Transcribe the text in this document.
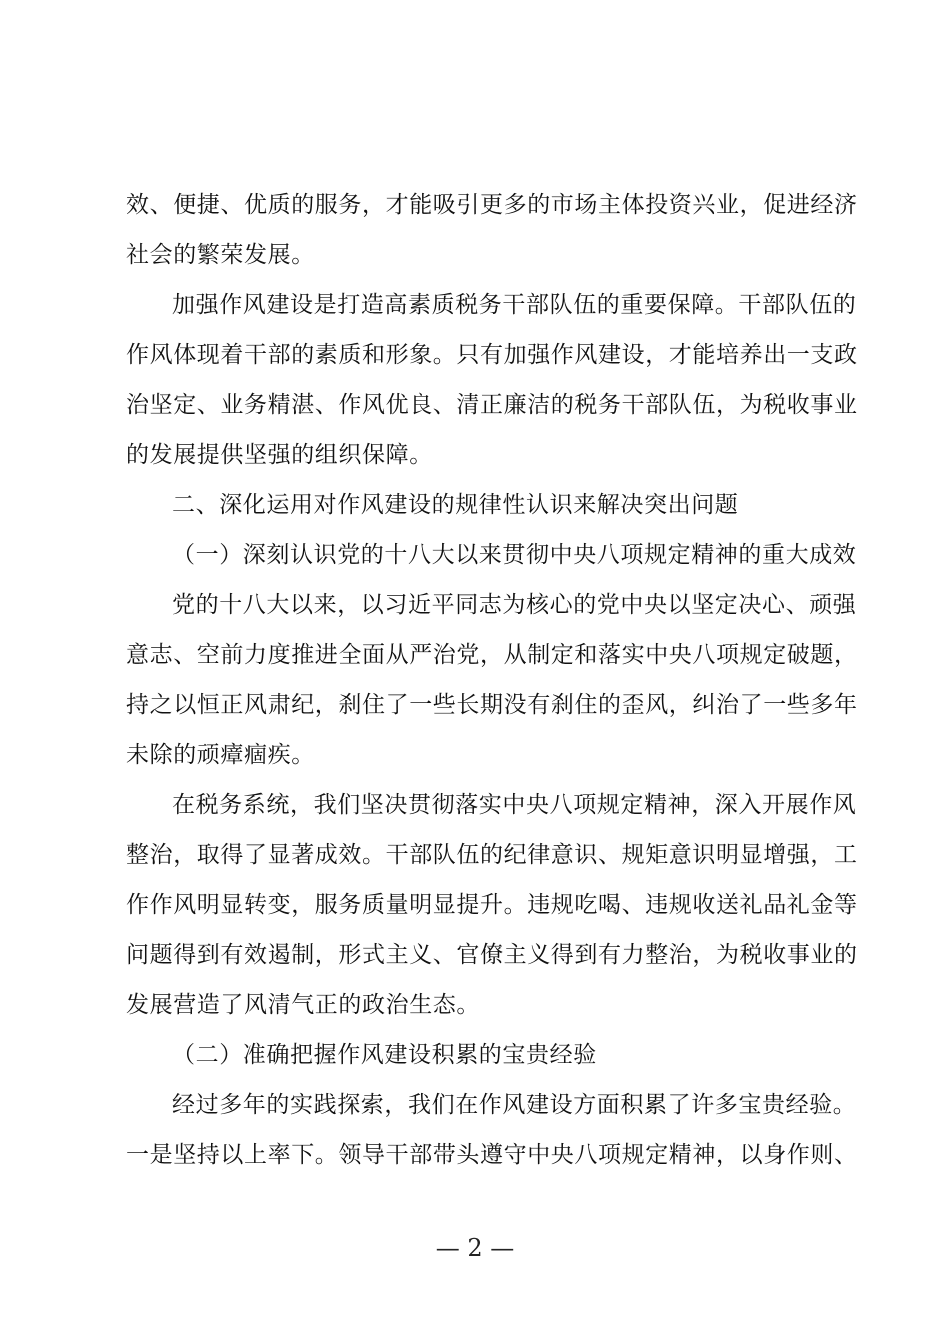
效、便捷、优质的服务，才能吸引更多的市场主体投资兴业，促进经济
社会的繁荣发展。
加强作风建设是打造高素质税务干部队伍的重要保障。干部队伍的
作风体现着干部的素质和形象。只有加强作风建设，才能培养出一支政
治坚定、业务精湛、作风优良、清正廉洁的税务干部队伍，为税收事业
的发展提供坚强的组织保障。
二、深化运用对作风建设的规律性认识来解决突出问题
（一）深刻认识党的十八大以来贯彻中央八项规定精神的重大成效
党的十八大以来，以习近平同志为核心的党中央以坚定决心、顽强
意志、空前力度推进全面从严治党，从制定和落实中央八项规定破题，
持之以恒正风肃纪，刹住了一些长期没有刹住的歪风，纠治了一些多年
未除的顽瘴痼疾。
在税务系统，我们坚决贯彻落实中央八项规定精神，深入开展作风
整治，取得了显著成效。干部队伍的纪律意识、规矩意识明显增强，工
作作风明显转变，服务质量明显提升。违规吃喝、违规收送礼品礼金等
问题得到有效遏制，形式主义、官僚主义得到有力整治，为税收事业的
发展营造了风清气正的政治生态。
（二）准确把握作风建设积累的宝贵经验
经过多年的实践探索，我们在作风建设方面积累了许多宝贵经验。
一是坚持以上率下。领导干部带头遵守中央八项规定精神，以身作则、
— 2 —
